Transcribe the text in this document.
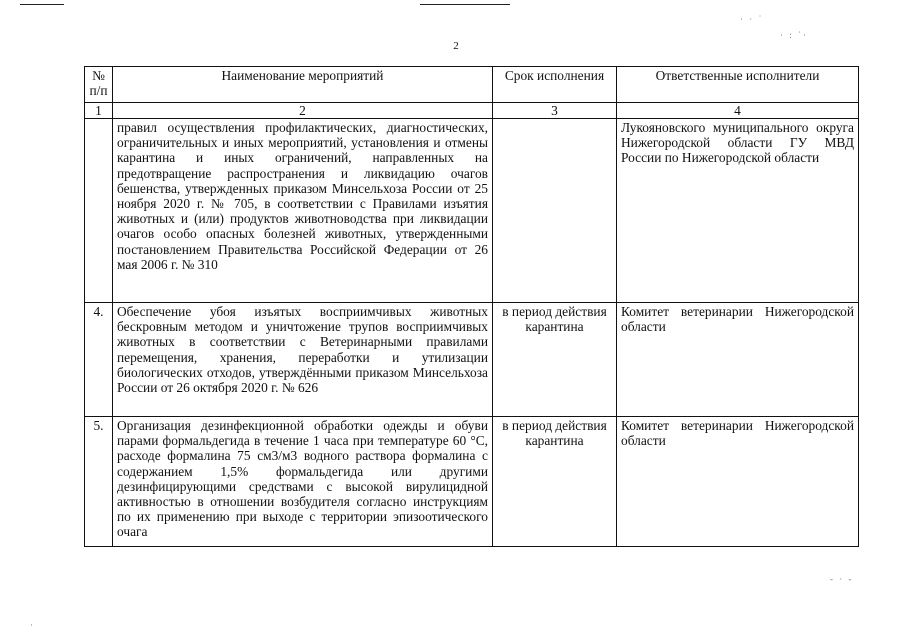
· · ˙
· : ˙·
- · -
·
2
№ п/п	Наименование мероприятий	Срок исполнения	Ответственные исполнители
1	2	3	4
	правил осуществления профилактических, диагностических, ограничительных и иных мероприятий, установления и отмены карантина и иных ограничений, направленных на предотвращение распространения и ликвидацию очагов бешенства, утвержденных приказом Минсельхоза России от 25 ноября 2020 г. № 705, в соответствии с Правилами изъятия животных и (или) продуктов животноводства при ликвидации очагов особо опасных болезней животных, утвержденными постановлением Правительства Российской Федерации от 26 мая 2006 г. № 310		Лукояновского муниципального округа Нижегородской области ГУ МВД России по Нижегородской области
4.	Обеспечение убоя изъятых восприимчивых животных бескровным методом и уничтожение трупов восприимчивых животных в соответствии с Ветеринарными правилами перемещения, хранения, переработки и утилизации биологических отходов, утверждёнными приказом Минсельхоза России от 26 октября 2020 г. № 626	в период действия карантина	Комитет ветеринарии Нижегородской области
5.	Организация дезинфекционной обработки одежды и обуви парами формальдегида в течение 1 часа при температуре 60 °С, расходе формалина 75 см3/м3 водного раствора формалина с содержанием 1,5% формальдегида или другими дезинфицирующими средствами с высокой вирулицидной активностью в отношении возбудителя согласно инструкциям по их применению при выходе с территории эпизоотического очага	в период действия карантина	Комитет ветеринарии Нижегородской области
